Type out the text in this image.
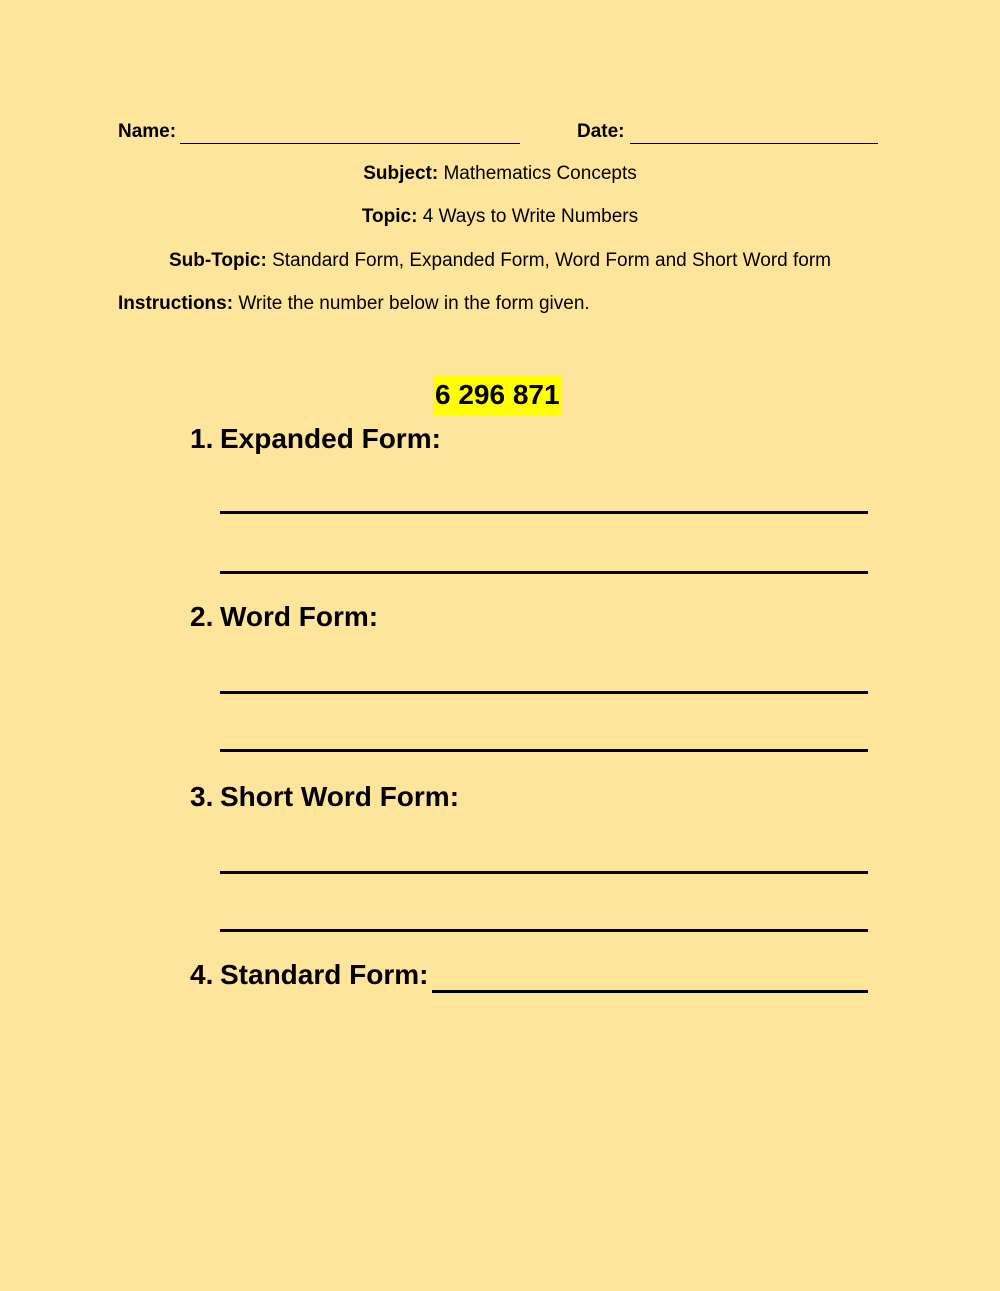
Name:	Date:
Subject: Mathematics Concepts
Topic: 4 Ways to Write Numbers
Sub-Topic: Standard Form, Expanded Form, Word Form and Short Word form
Instructions: Write the number below in the form given.
6 296 871
1. Expanded Form:
2. Word Form:
3. Short Word Form:
4. Standard Form:
